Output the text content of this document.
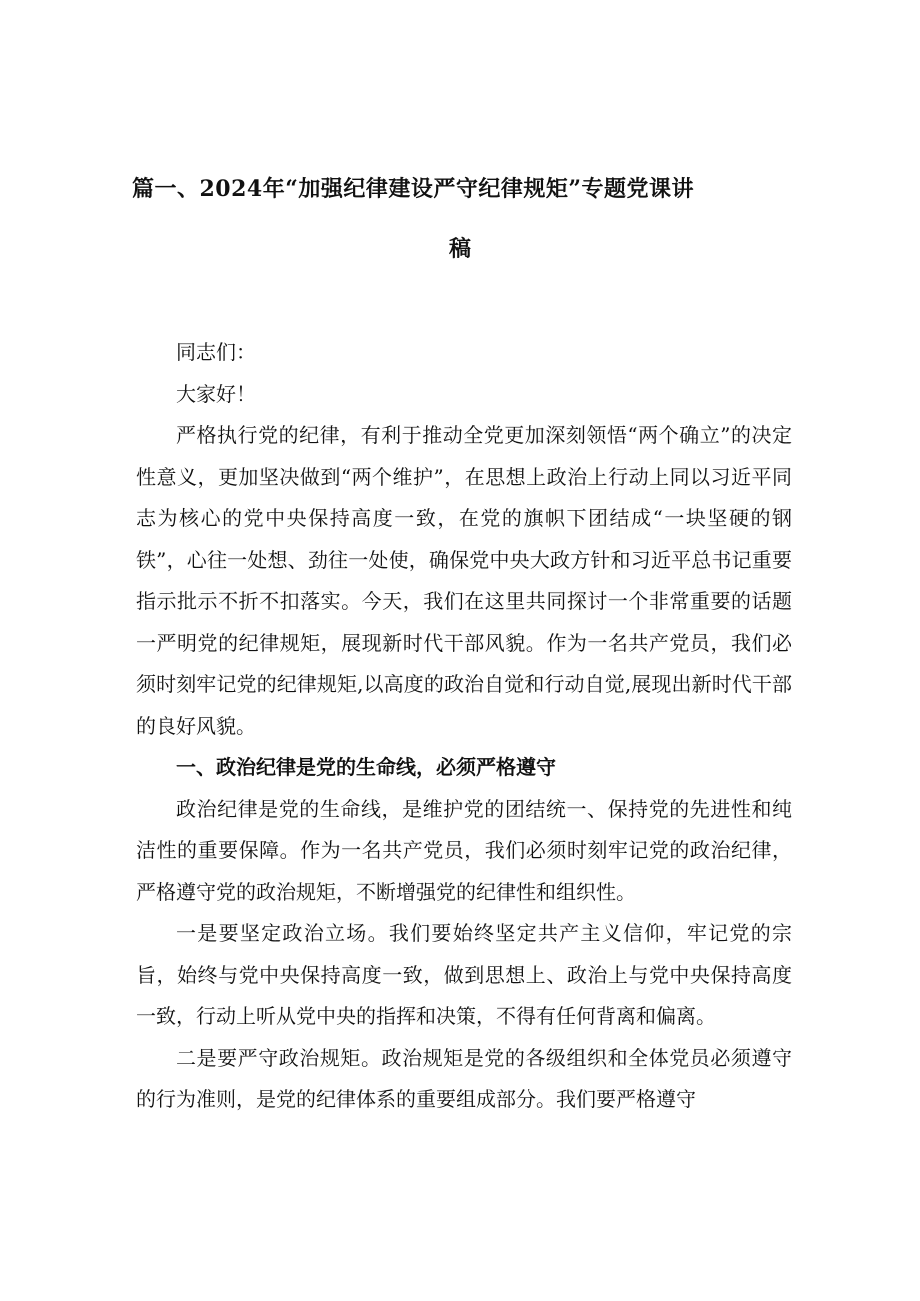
篇一、2024年“加强纪律建设严守纪律规矩”专题党课讲
稿

同志们：

大家好！

严格执行党的纪律，有利于推动全党更加深刻领悟“两个确立”的决定性意义，更加坚决做到“两个维护”，在思想上政治上行动上同以习近平同志为核心的党中央保持高度一致，在党的旗帜下团结成“一块坚硬的钢铁”，心往一处想、劲往一处使，确保党中央大政方针和习近平总书记重要指示批示不折不扣落实。今天，我们在这里共同探讨一个非常重要的话题一严明党的纪律规矩，展现新时代干部风貌。作为一名共产党员，我们必须时刻牢记党的纪律规矩,以高度的政治自觉和行动自觉,展现出新时代干部的良好风貌。

一、政治纪律是党的生命线，必须严格遵守

政治纪律是党的生命线，是维护党的团结统一、保持党的先进性和纯洁性的重要保障。作为一名共产党员，我们必须时刻牢记党的政治纪律，严格遵守党的政治规矩，不断增强党的纪律性和组织性。

一是要坚定政治立场。我们要始终坚定共产主义信仰，牢记党的宗旨，始终与党中央保持高度一致，做到思想上、政治上与党中央保持高度一致，行动上听从党中央的指挥和决策，不得有任何背离和偏离。

二是要严守政治规矩。政治规矩是党的各级组织和全体党员必须遵守的行为准则，是党的纪律体系的重要组成部分。我们要严格遵守
